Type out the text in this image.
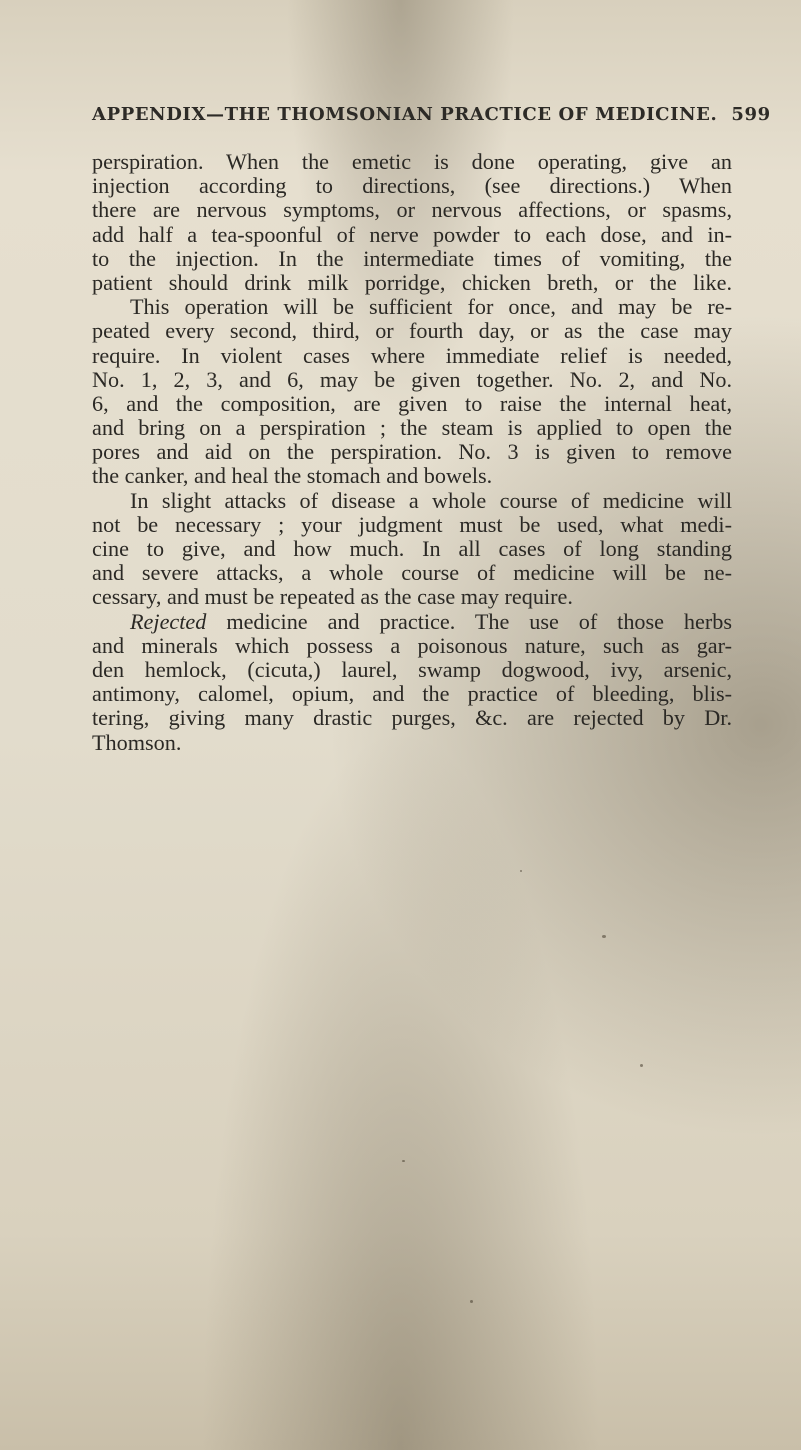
APPENDIX—THE THOMSONIAN PRACTICE OF MEDICINE. 599
perspiration. When the emetic is done operating, give an
injection according to directions, (see directions.) When
there are nervous symptoms, or nervous affections, or spasms,
add half a tea-spoonful of nerve powder to each dose, and in-
to the injection. In the intermediate times of vomiting, the
patient should drink milk porridge, chicken breth, or the like.
This operation will be sufficient for once, and may be re-
peated every second, third, or fourth day, or as the case may
require. In violent cases where immediate relief is needed,
No. 1, 2, 3, and 6, may be given together. No. 2, and No.
6, and the composition, are given to raise the internal heat,
and bring on a perspiration ; the steam is applied to open the
pores and aid on the perspiration. No. 3 is given to remove
the canker, and heal the stomach and bowels.
In slight attacks of disease a whole course of medicine will
not be necessary ; your judgment must be used, what medi-
cine to give, and how much. In all cases of long standing
and severe attacks, a whole course of medicine will be ne-
cessary, and must be repeated as the case may require.
Rejected medicine and practice. The use of those herbs
and minerals which possess a poisonous nature, such as gar-
den hemlock, (cicuta,) laurel, swamp dogwood, ivy, arsenic,
antimony, calomel, opium, and the practice of bleeding, blis-
tering, giving many drastic purges, &c. are rejected by Dr.
Thomson.
